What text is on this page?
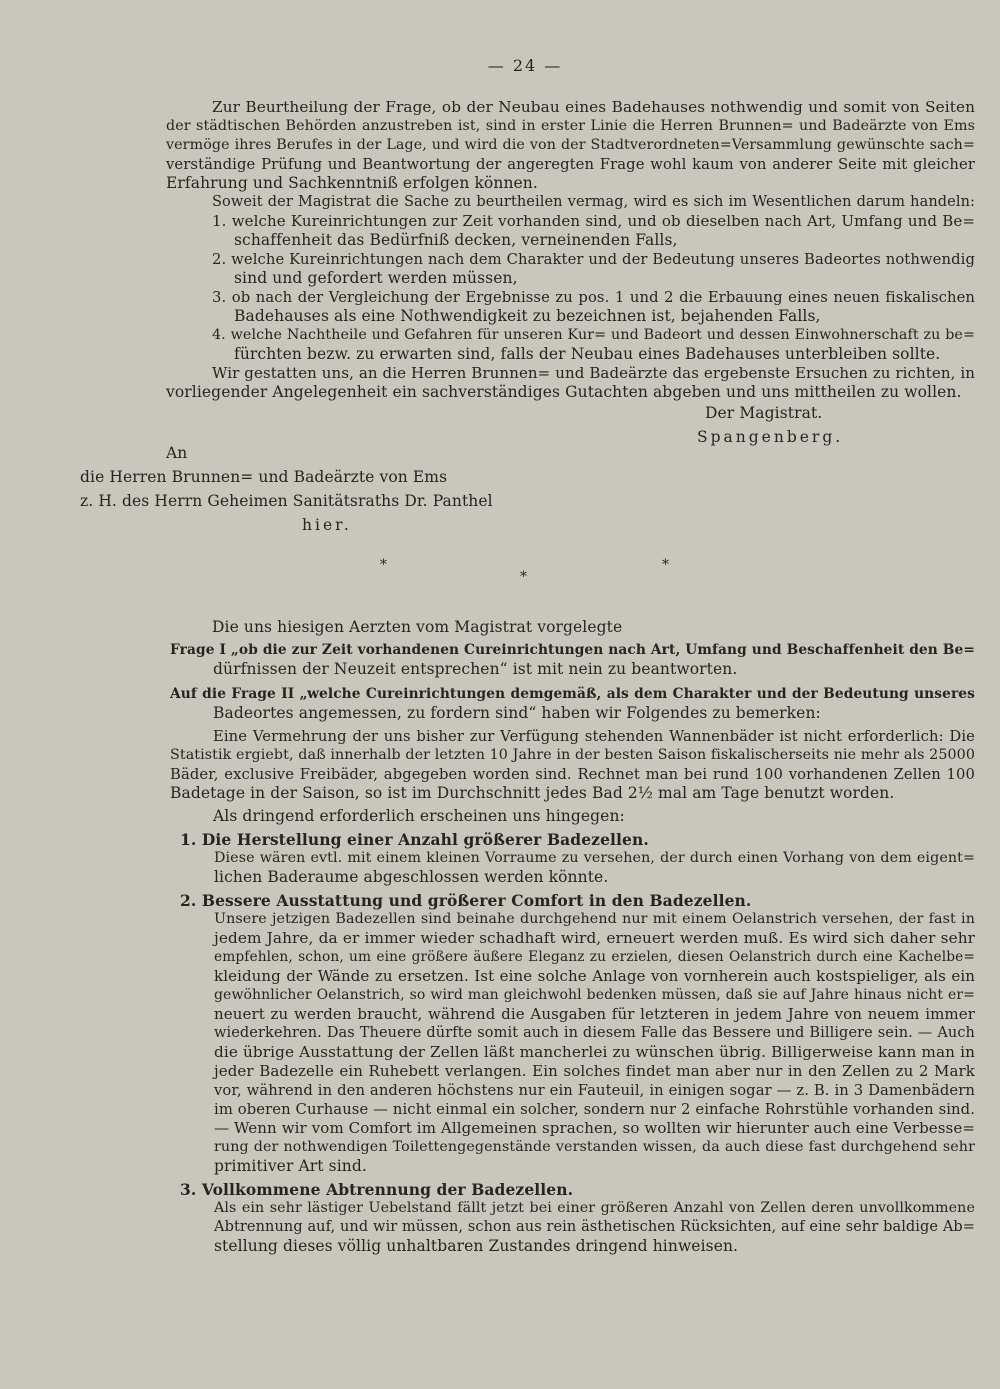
— 24 —
Zur Beurtheilung der Frage, ob der Neubau eines Badehauses nothwendig und somit von Seiten
der städtischen Behörden anzustreben ist, sind in erster Linie die Herren Brunnen= und Badeärzte von Ems
vermöge ihres Berufes in der Lage, und wird die von der Stadtverordneten=Versammlung gewünschte sach=
verständige Prüfung und Beantwortung der angeregten Frage wohl kaum von anderer Seite mit gleicher
Erfahrung und Sachkenntniß erfolgen können.
Soweit der Magistrat die Sache zu beurtheilen vermag, wird es sich im Wesentlichen darum handeln:
1. welche Kureinrichtungen zur Zeit vorhanden sind, und ob dieselben nach Art, Umfang und Be=
schaffenheit das Bedürfniß decken, verneinenden Falls,
2. welche Kureinrichtungen nach dem Charakter und der Bedeutung unseres Badeortes nothwendig
sind und gefordert werden müssen,
3. ob nach der Vergleichung der Ergebnisse zu pos. 1 und 2 die Erbauung eines neuen fiskalischen
Badehauses als eine Nothwendigkeit zu bezeichnen ist, bejahenden Falls,
4. welche Nachtheile und Gefahren für unseren Kur= und Badeort und dessen Einwohnerschaft zu be=
fürchten bezw. zu erwarten sind, falls der Neubau eines Badehauses unterbleiben sollte.
Wir gestatten uns, an die Herren Brunnen= und Badeärzte das ergebenste Ersuchen zu richten, in
vorliegender Angelegenheit ein sachverständiges Gutachten abgeben und uns mittheilen zu wollen.
Der Magistrat.
Spangenberg.
An
die Herren Brunnen= und Badeärzte von Ems
z. H. des Herrn Geheimen Sanitätsraths Dr. Panthel
hier.
*
*
*
Die uns hiesigen Aerzten vom Magistrat vorgelegte
Frage I „ob die zur Zeit vorhandenen Cureinrichtungen nach Art, Umfang und Beschaffenheit den Be=
dürfnissen der Neuzeit entsprechen“ ist mit nein zu beantworten.
Auf die Frage II „welche Cureinrichtungen demgemäß, als dem Charakter und der Bedeutung unseres
Badeortes angemessen, zu fordern sind“ haben wir Folgendes zu bemerken:
Eine Vermehrung der uns bisher zur Verfügung stehenden Wannenbäder ist nicht erforderlich: Die
Statistik ergiebt, daß innerhalb der letzten 10 Jahre in der besten Saison fiskalischerseits nie mehr als 25000
Bäder, exclusive Freibäder, abgegeben worden sind. Rechnet man bei rund 100 vorhandenen Zellen 100
Badetage in der Saison, so ist im Durchschnitt jedes Bad 2½ mal am Tage benutzt worden.
Als dringend erforderlich erscheinen uns hingegen:
1. Die Herstellung einer Anzahl größerer Badezellen.
Diese wären evtl. mit einem kleinen Vorraume zu versehen, der durch einen Vorhang von dem eigent=
lichen Baderaume abgeschlossen werden könnte.
2. Bessere Ausstattung und größerer Comfort in den Badezellen.
Unsere jetzigen Badezellen sind beinahe durchgehend nur mit einem Oelanstrich versehen, der fast in
jedem Jahre, da er immer wieder schadhaft wird, erneuert werden muß. Es wird sich daher sehr
empfehlen, schon, um eine größere äußere Eleganz zu erzielen, diesen Oelanstrich durch eine Kachelbe=
kleidung der Wände zu ersetzen. Ist eine solche Anlage von vornherein auch kostspieliger, als ein
gewöhnlicher Oelanstrich, so wird man gleichwohl bedenken müssen, daß sie auf Jahre hinaus nicht er=
neuert zu werden braucht, während die Ausgaben für letzteren in jedem Jahre von neuem immer
wiederkehren. Das Theuere dürfte somit auch in diesem Falle das Bessere und Billigere sein. — Auch
die übrige Ausstattung der Zellen läßt mancherlei zu wünschen übrig. Billigerweise kann man in
jeder Badezelle ein Ruhebett verlangen. Ein solches findet man aber nur in den Zellen zu 2 Mark
vor, während in den anderen höchstens nur ein Fauteuil, in einigen sogar — z. B. in 3 Damenbädern
im oberen Curhause — nicht einmal ein solcher, sondern nur 2 einfache Rohrstühle vorhanden sind.
— Wenn wir vom Comfort im Allgemeinen sprachen, so wollten wir hierunter auch eine Verbesse=
rung der nothwendigen Toilettengegenstände verstanden wissen, da auch diese fast durchgehend sehr
primitiver Art sind.
3. Vollkommene Abtrennung der Badezellen.
Als ein sehr lästiger Uebelstand fällt jetzt bei einer größeren Anzahl von Zellen deren unvollkommene
Abtrennung auf, und wir müssen, schon aus rein ästhetischen Rücksichten, auf eine sehr baldige Ab=
stellung dieses völlig unhaltbaren Zustandes dringend hinweisen.
